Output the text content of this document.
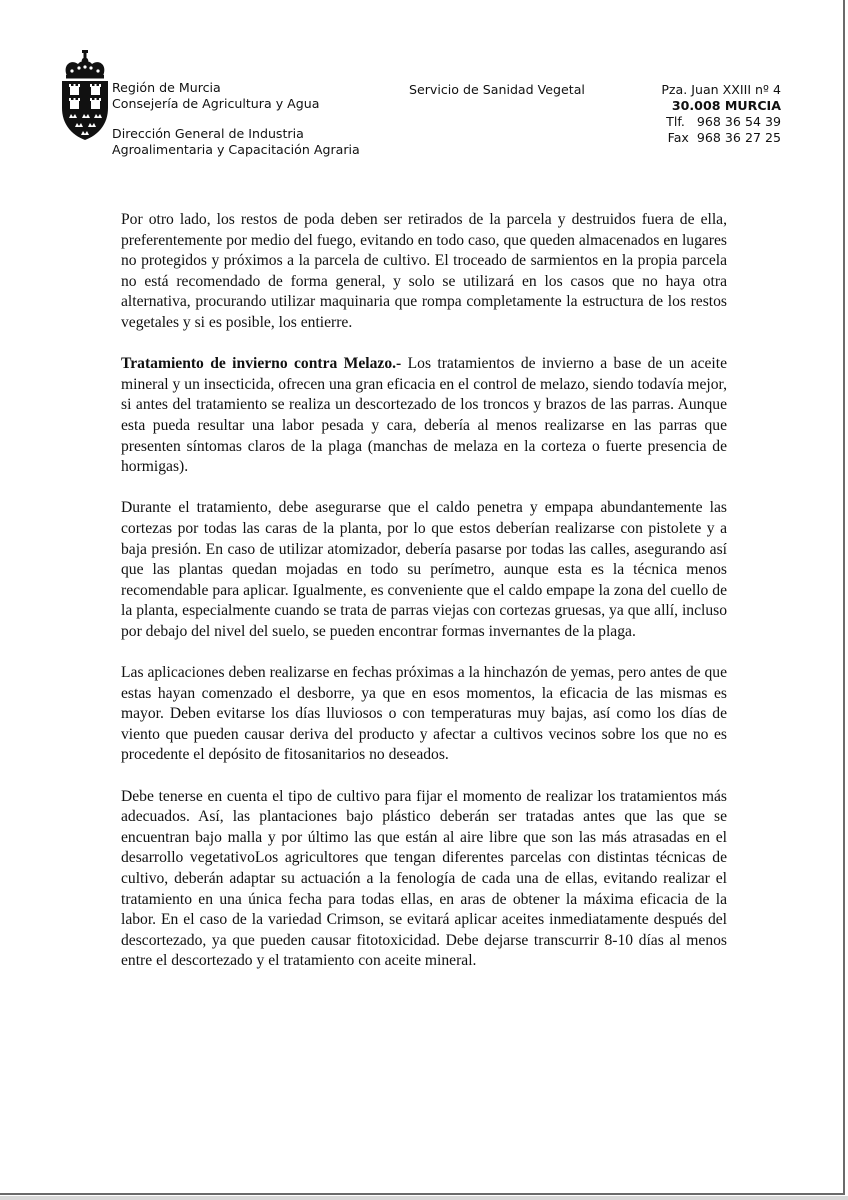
Región de Murcia
Consejería de Agricultura y Agua
Dirección General de Industria
Agroalimentaria y Capacitación Agraria
Servicio de Sanidad Vegetal	Pza. Juan XXIII nº 4
30.008 MURCIA
Tlf.   968 36 54 39
Fax  968 36 27 25

Por otro lado, los restos de poda deben ser retirados de la parcela y destruidos fuera de ella, preferentemente por medio del fuego, evitando en todo caso, que queden almacenados en lugares no protegidos y próximos a la parcela de cultivo. El troceado de sarmientos en la propia parcela no está recomendado de forma general, y solo se utilizará en los casos que no haya otra alternativa, procurando utilizar maquinaria que rompa completamente la estructura de los restos vegetales y si es posible, los entierre.

Tratamiento de invierno contra Melazo.- Los tratamientos de invierno a base de un aceite mineral y un insecticida, ofrecen una gran eficacia en el control de melazo, siendo todavía mejor, si antes del tratamiento se realiza un descortezado de los troncos y brazos de las parras. Aunque esta pueda resultar una labor pesada y cara, debería al menos realizarse en las parras que presenten síntomas claros de la plaga (manchas de melaza en la corteza o fuerte presencia de hormigas).

Durante el tratamiento, debe asegurarse que el caldo penetra y empapa abundantemente las cortezas por todas las caras de la planta, por lo que estos deberían realizarse con pistolete y a baja presión. En caso de utilizar atomizador, debería pasarse por todas las calles, asegurando así que las plantas quedan mojadas en todo su perímetro, aunque esta es la técnica menos recomendable para aplicar. Igualmente, es conveniente que el caldo empape la zona del cuello de la planta, especialmente cuando se trata de parras viejas con cortezas gruesas, ya que allí, incluso por debajo del nivel del suelo, se pueden encontrar formas invernantes de la plaga.

Las aplicaciones deben realizarse en fechas próximas a la hinchazón de yemas, pero antes de que estas hayan comenzado el desborre, ya que en esos momentos, la eficacia de las mismas es mayor. Deben evitarse los días lluviosos o con temperaturas muy bajas, así como los días de viento que pueden causar deriva del producto y afectar a cultivos vecinos sobre los que no es procedente el depósito de fitosanitarios no deseados.

Debe tenerse en cuenta el tipo de cultivo para fijar el momento de realizar los tratamientos más adecuados. Así, las plantaciones bajo plástico deberán ser tratadas antes que las que se encuentran bajo malla y por último las que están al aire libre que son las más atrasadas en el desarrollo vegetativoLos agricultores que tengan diferentes parcelas con distintas técnicas de cultivo, deberán adaptar su actuación a la fenología de cada una de ellas, evitando realizar el tratamiento en una única fecha para todas ellas, en aras de obtener la máxima eficacia de la labor. En el caso de la variedad Crimson, se evitará aplicar aceites inmediatamente después del descortezado, ya que pueden causar fitotoxicidad. Debe dejarse transcurrir 8-10 días al menos entre el descortezado y el tratamiento con aceite mineral.
